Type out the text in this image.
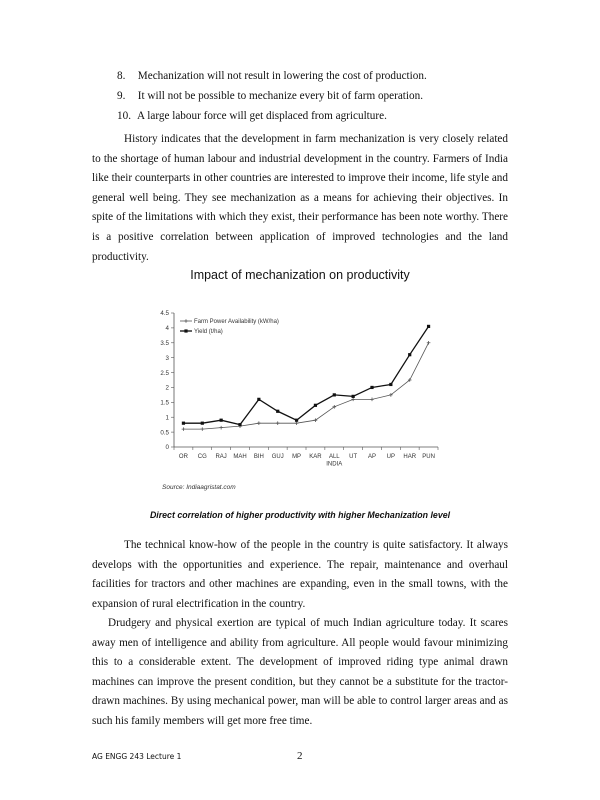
8. Mechanization will not result in lowering the cost of production.
9. It will not be possible to mechanize every bit of farm operation.
10. A large labour force will get displaced from agriculture.

History indicates that the development in farm mechanization is very closely related to the shortage of human labour and industrial development in the country. Farmers of India like their counterparts in other countries are interested to improve their income, life style and general well being. They see mechanization as a means for achieving their objectives. In spite of the limitations with which they exist, their performance has been note worthy. There is a positive correlation between application of improved technologies and the land productivity.

Impact of mechanization on productivity
0
0.5
1
1.5
2
2.5
3
3.5
4
4.5
OR CG RAJ MAH BIH GUJ MP KAR ALL
INDIA
UT AP UP HAR PUN
Farm Power Availability (kW/ha)
Yield (t/ha)
Source: Indiaagristat.com
Direct correlation of higher productivity with higher Mechanization level

The technical know-how of the people in the country is quite satisfactory. It always develops with the opportunities and experience. The repair, maintenance and overhaul facilities for tractors and other machines are expanding, even in the small towns, with the expansion of rural electrification in the country.

Drudgery and physical exertion are typical of much Indian agriculture today. It scares away men of intelligence and ability from agriculture. All people would favour minimizing this to a considerable extent. The development of improved riding type animal drawn machines can improve the present condition, but they cannot be a substitute for the tractor-drawn machines. By using mechanical power, man will be able to control larger areas and as such his family members will get more free time.

AG ENGG 243 Lecture 1	2
